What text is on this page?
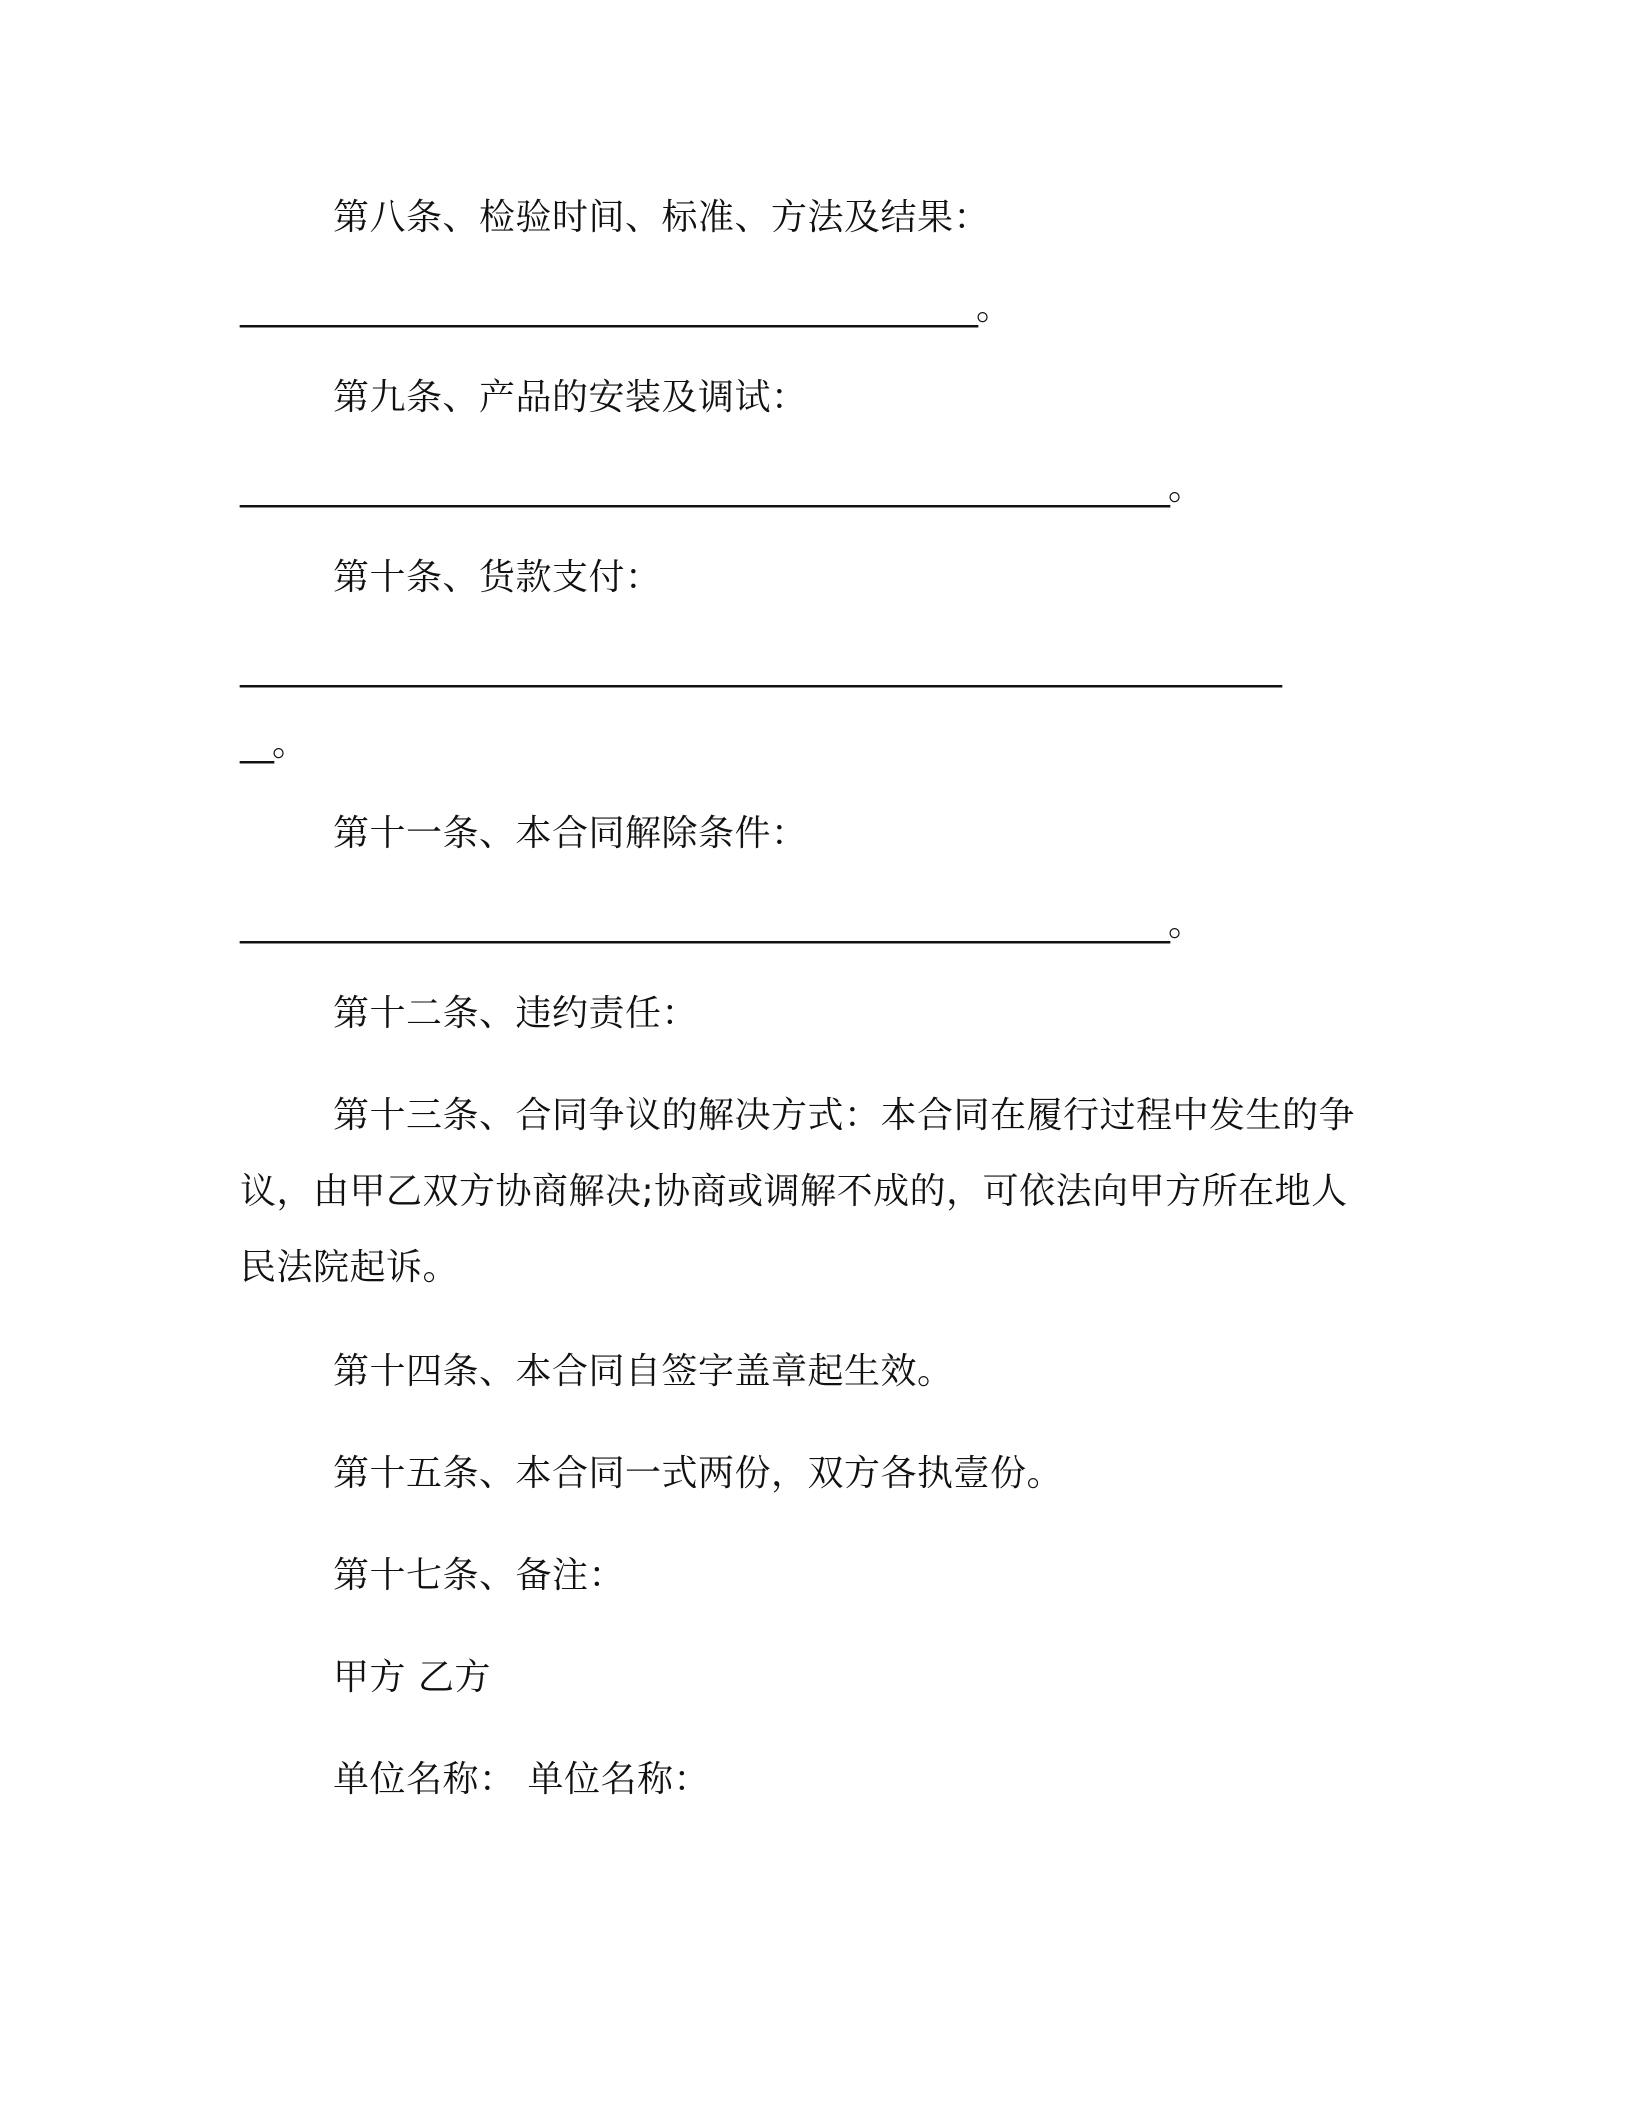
第八条、检验时间、标准、方法及结果：
______________________________________________。
第九条、产品的安装及调试：
__________________________________________________________。
第十条、货款支付：
_________________________________________________________________
__。
第十一条、本合同解除条件：
__________________________________________________________。
第十二条、违约责任：
第十三条、合同争议的解决方式：本合同在履行过程中发生的争
议，由甲乙双方协商解决;协商或调解不成的，可依法向甲方所在地人
民法院起诉。
第十四条、本合同自签字盖章起生效。
第十五条、本合同一式两份，双方各执壹份。
第十七条、备注：
甲方 乙方
单位名称： 单位名称：
